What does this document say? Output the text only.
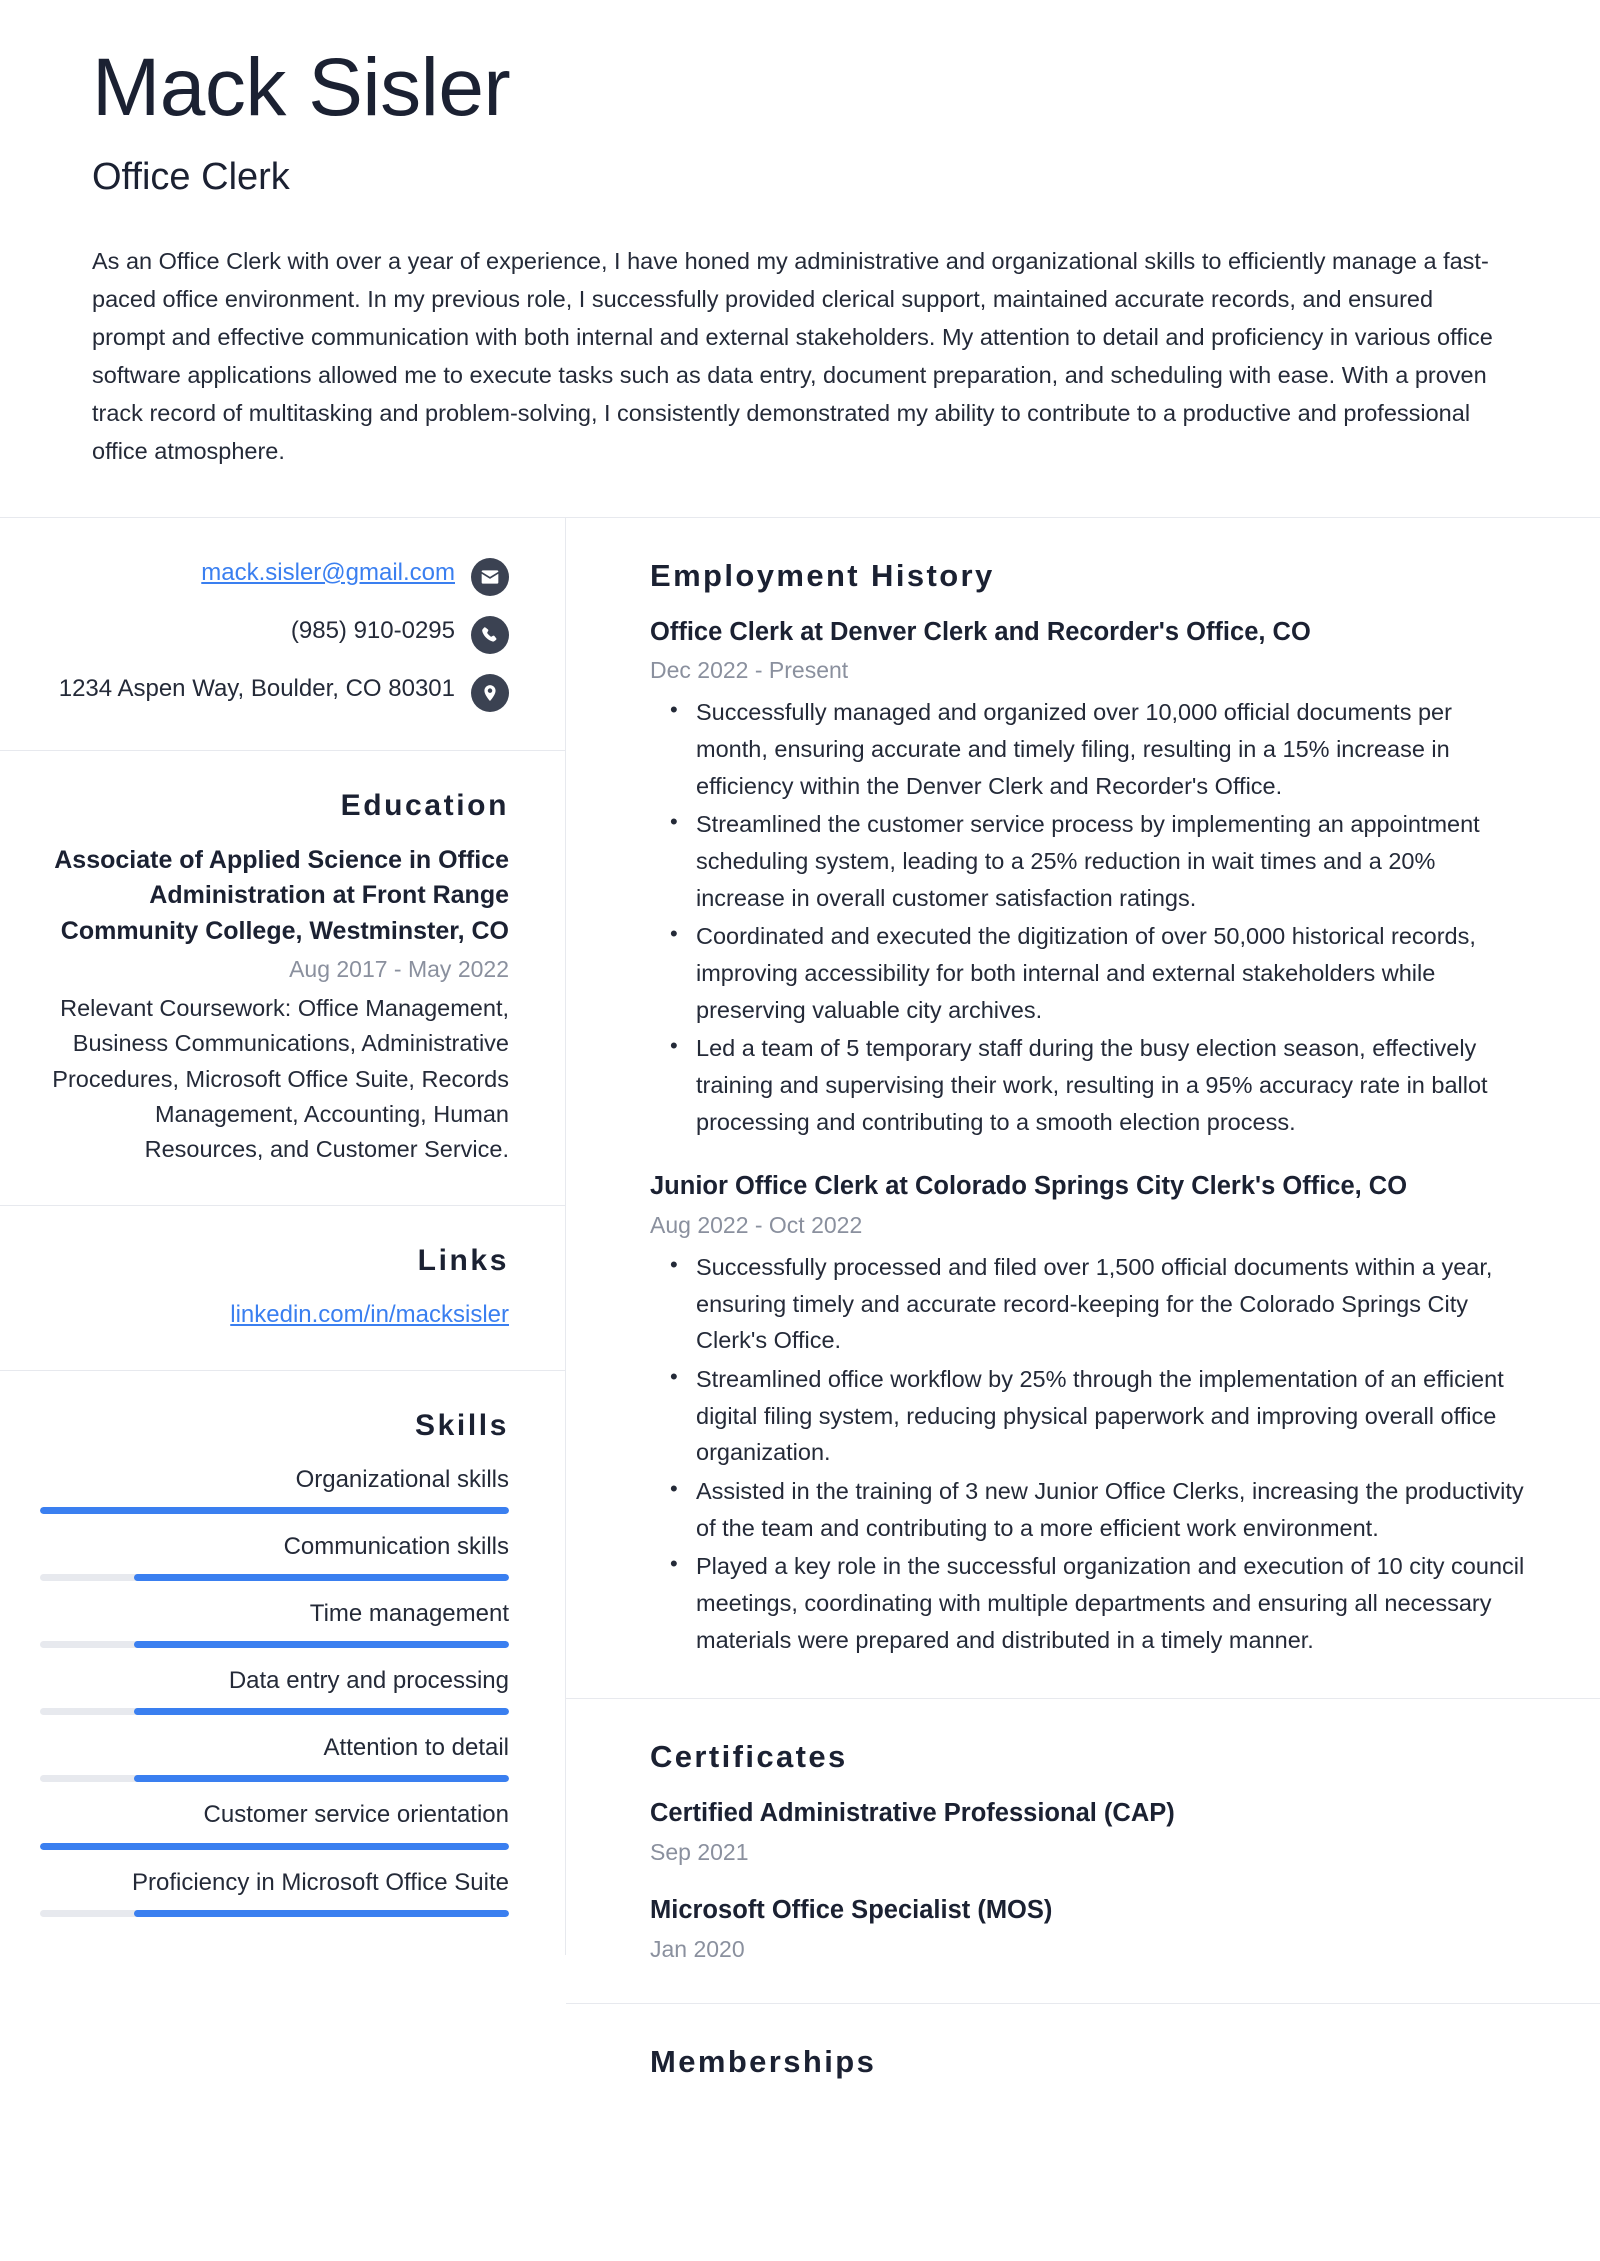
Mack Sisler
Office Clerk

As an Office Clerk with over a year of experience, I have honed my administrative and organizational skills to efficiently manage a fast-paced office environment. In my previous role, I successfully provided clerical support, maintained accurate records, and ensured prompt and effective communication with both internal and external stakeholders. My attention to detail and proficiency in various office software applications allowed me to execute tasks such as data entry, document preparation, and scheduling with ease. With a proven track record of multitasking and problem-solving, I consistently demonstrated my ability to contribute to a productive and professional office atmosphere.

mack.sisler@gmail.com
(985) 910-0295
1234 Aspen Way, Boulder, CO 80301
Education
Associate of Applied Science in Office Administration at Front Range Community College, Westminster, CO
Aug 2017 - May 2022
Relevant Coursework: Office Management, Business Communications, Administrative Procedures, Microsoft Office Suite, Records Management, Accounting, Human Resources, and Customer Service.
Links
linkedin.com/in/macksisler
Skills
Organizational skills
Communication skills
Time management
Data entry and processing
Attention to detail
Customer service orientation
Proficiency in Microsoft Office Suite
Employment History
Office Clerk at Denver Clerk and Recorder's Office, CO
Dec 2022 - Present
• Successfully managed and organized over 10,000 official documents per month, ensuring accurate and timely filing, resulting in a 15% increase in efficiency within the Denver Clerk and Recorder's Office.
• Streamlined the customer service process by implementing an appointment scheduling system, leading to a 25% reduction in wait times and a 20% increase in overall customer satisfaction ratings.
• Coordinated and executed the digitization of over 50,000 historical records, improving accessibility for both internal and external stakeholders while preserving valuable city archives.
• Led a team of 5 temporary staff during the busy election season, effectively training and supervising their work, resulting in a 95% accuracy rate in ballot processing and contributing to a smooth election process.
Junior Office Clerk at Colorado Springs City Clerk's Office, CO
Aug 2022 - Oct 2022
• Successfully processed and filed over 1,500 official documents within a year, ensuring timely and accurate record-keeping for the Colorado Springs City Clerk's Office.
• Streamlined office workflow by 25% through the implementation of an efficient digital filing system, reducing physical paperwork and improving overall office organization.
• Assisted in the training of 3 new Junior Office Clerks, increasing the productivity of the team and contributing to a more efficient work environment.
• Played a key role in the successful organization and execution of 10 city council meetings, coordinating with multiple departments and ensuring all necessary materials were prepared and distributed in a timely manner.
Certificates
Certified Administrative Professional (CAP)
Sep 2021
Microsoft Office Specialist (MOS)
Jan 2020
Memberships
